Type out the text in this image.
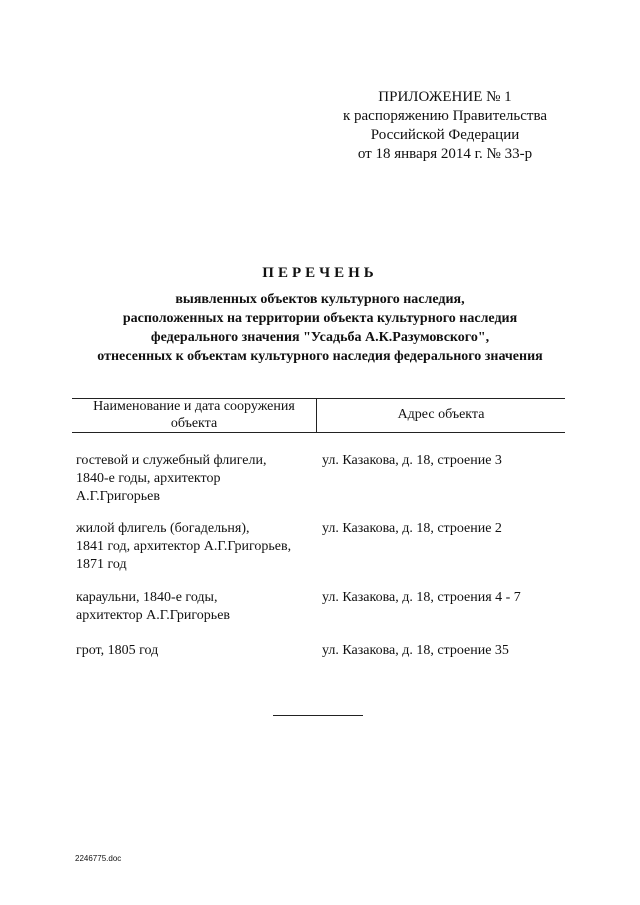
ПРИЛОЖЕНИЕ № 1
к распоряжению Правительства
Российской Федерации
от 18 января 2014 г. № 33-р
ПЕРЕЧЕНЬ
выявленных объектов культурного наследия,
расположенных на территории объекта культурного наследия
федерального значения "Усадьба А.К.Разумовского",
отнесенных к объектам культурного наследия федерального значения
Наименование и дата сооружения
объекта
Адрес объекта
гостевой и служебный флигели,
1840-е годы, архитектор
А.Г.Григорьев
ул. Казакова, д. 18, строение 3
жилой флигель (богадельня),
1841 год, архитектор А.Г.Григорьев,
1871 год
ул. Казакова, д. 18, строение 2
караульни, 1840-е годы,
архитектор А.Г.Григорьев
ул. Казакова, д. 18, строения 4 - 7
грот, 1805 год	ул. Казакова, д. 18, строение 35
2246775.doc
